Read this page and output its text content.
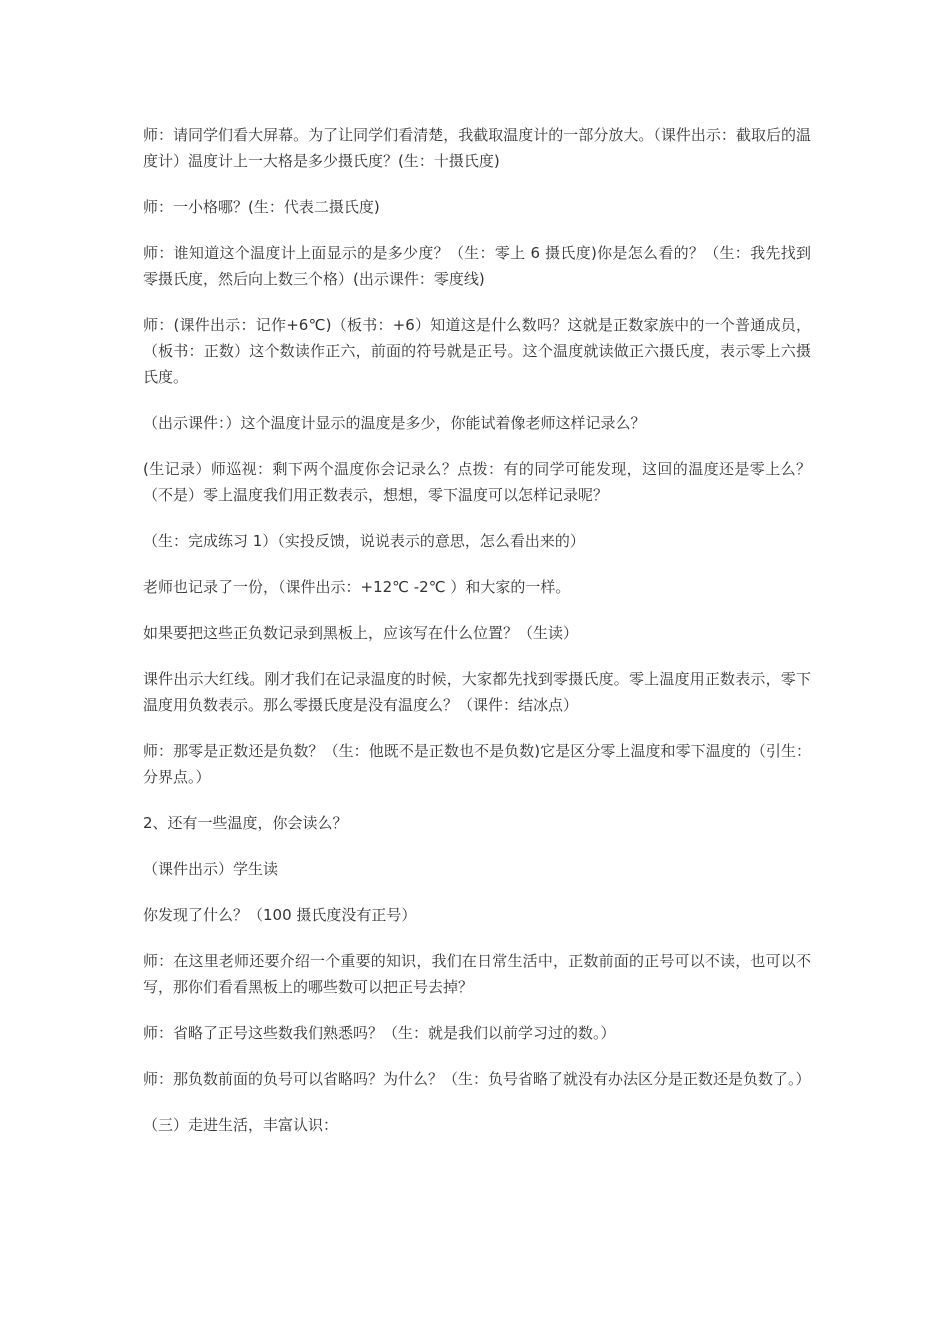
师：请同学们看大屏幕。为了让同学们看清楚，我截取温度计的一部分放大。（课件出示：截取后的温度计）温度计上一大格是多少摄氏度？(生：十摄氏度)

师：一小格哪？(生：代表二摄氏度)

师：谁知道这个温度计上面显示的是多少度？（生：零上 6 摄氏度)你是怎么看的？（生：我先找到零摄氏度，然后向上数三个格）(出示课件：零度线)

师：(课件出示：记作+6℃)（板书：+6）知道这是什么数吗？这就是正数家族中的一个普通成员，（板书：正数）这个数读作正六，前面的符号就是正号。这个温度就读做正六摄氏度，表示零上六摄氏度。

（出示课件：）这个温度计显示的温度是多少，你能试着像老师这样记录么？

(生记录）师巡视：剩下两个温度你会记录么？点拨：有的同学可能发现，这回的温度还是零上么？（不是）零上温度我们用正数表示，想想，零下温度可以怎样记录呢？

（生：完成练习 1）（实投反馈，说说表示的意思，怎么看出来的）

老师也记录了一份，（课件出示：+12℃ -2℃ ）和大家的一样。

如果要把这些正负数记录到黑板上，应该写在什么位置？（生读）

课件出示大红线。刚才我们在记录温度的时候，大家都先找到零摄氏度。零上温度用正数表示，零下温度用负数表示。那么零摄氏度是没有温度么？（课件：结冰点）

师：那零是正数还是负数？（生：他既不是正数也不是负数)它是区分零上温度和零下温度的（引生：分界点。）

2、还有一些温度，你会读么？

（课件出示）学生读

你发现了什么？（100 摄氏度没有正号）

师：在这里老师还要介绍一个重要的知识，我们在日常生活中，正数前面的正号可以不读，也可以不写，那你们看看黑板上的哪些数可以把正号去掉？

师：省略了正号这些数我们熟悉吗？（生：就是我们以前学习过的数。）

师：那负数前面的负号可以省略吗？为什么？（生：负号省略了就没有办法区分是正数还是负数了。）

（三）走进生活，丰富认识：
